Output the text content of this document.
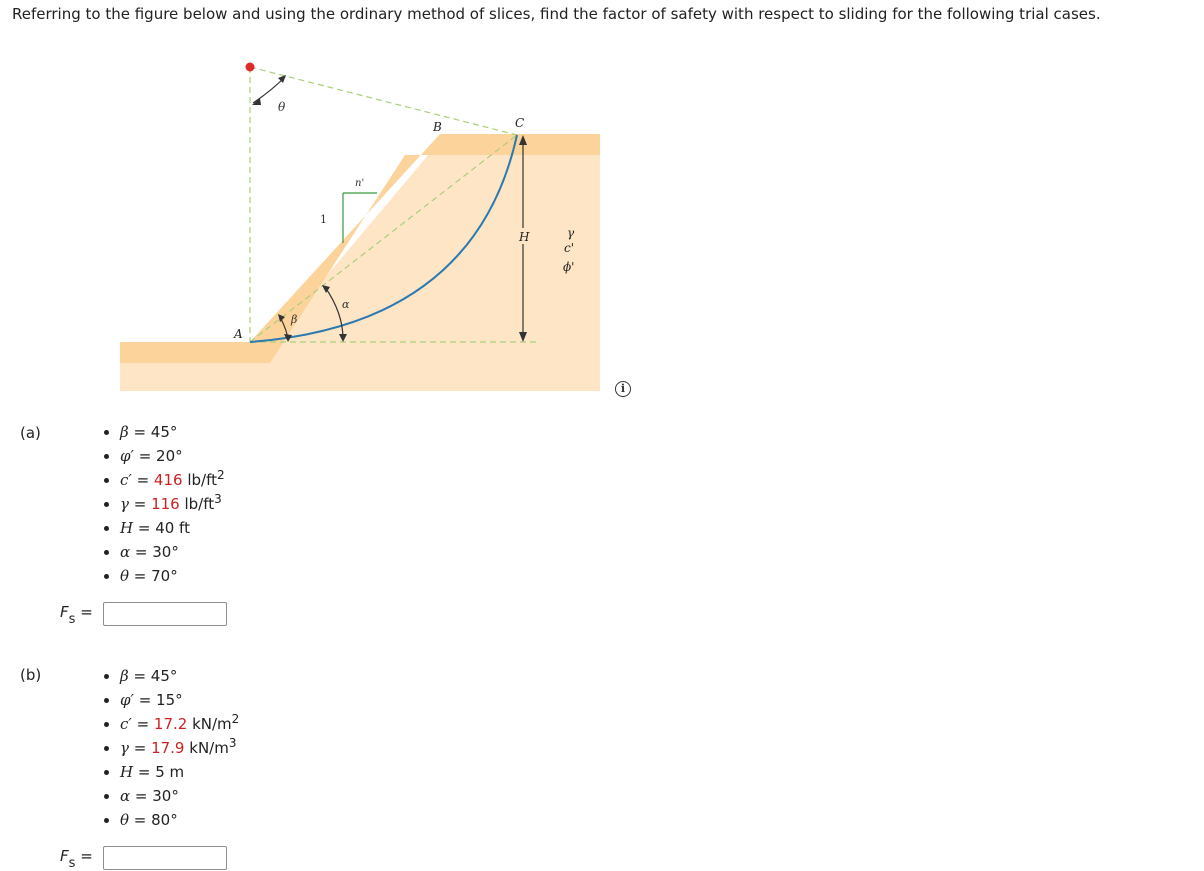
Referring to the figure below and using the ordinary method of slices, find the factor of safety with respect to sliding for the following trial cases.
θ
B	C
n'
1
H	γ
c'
ϕ'
α
β
A
i
(a)	• β = 45°
• φ′ = 20°
• c′ = 416 $lb/ft^2$
• γ = 116 $lb/ft^3$
• H = 40 ft
• α = 30°
• θ = 70°
Fs =
(b)	• β = 45°
• φ′ = 15°
• c′ = 17.2 $kN/m^2$
• γ = 17.9 $kN/m^3$
• H = 5 m
• α = 30°
• θ = 80°
Fs =
